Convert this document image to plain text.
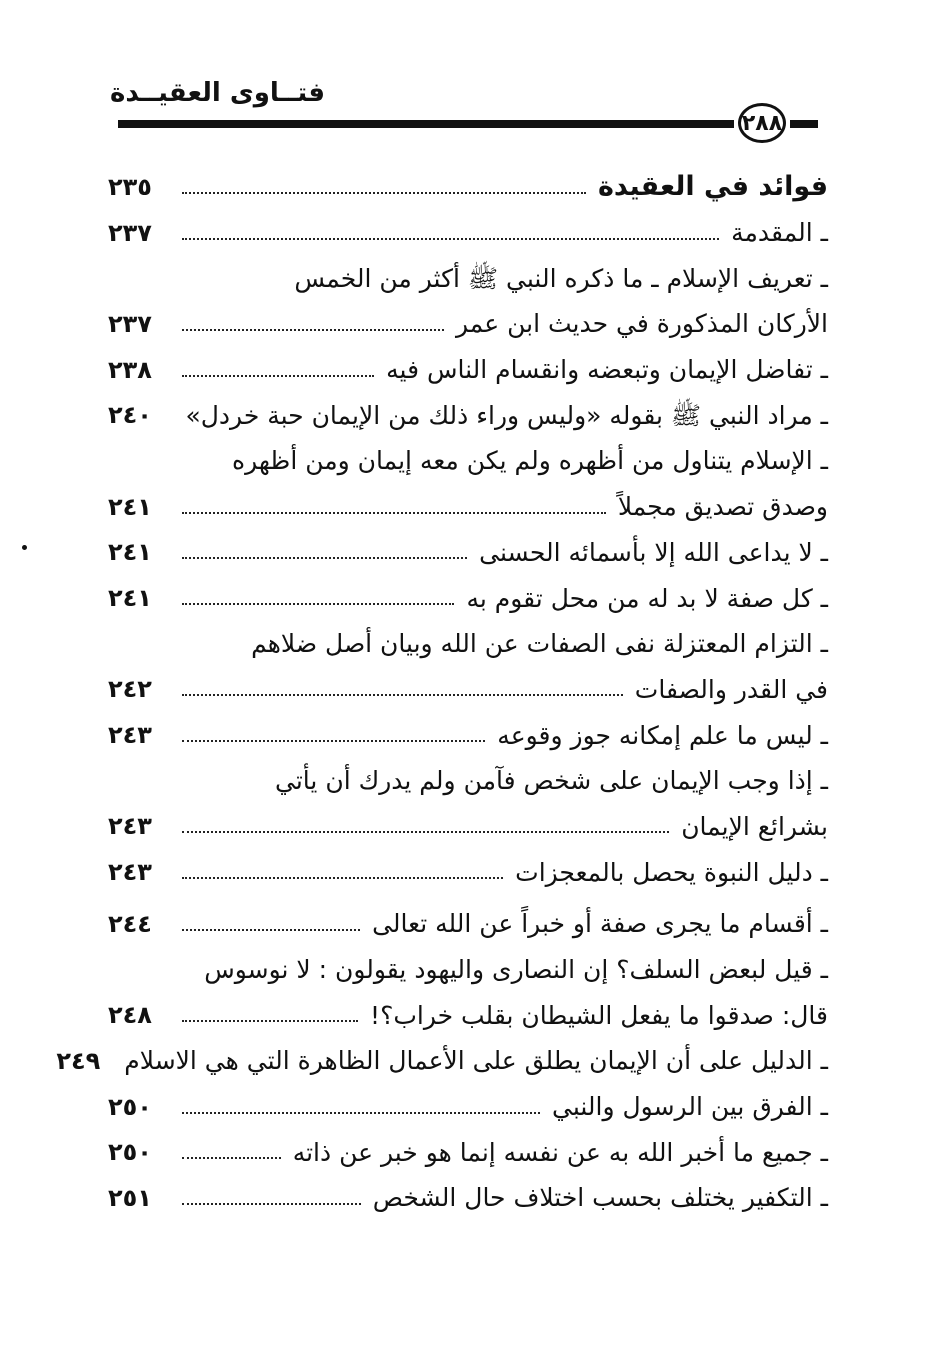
فتــاوى العقيــدة
٢٨٨
فوائد في العقيدة
٢٣٥
ـ المقدمة
٢٣٧
ـ تعريف الإسلام ـ ما ذكره النبي ﷺ أكثر من الخمس
الأركان المذكورة في حديث ابن عمر
٢٣٧
ـ تفاضل الإيمان وتبعضه وانقسام الناس فيه
٢٣٨
ـ مراد النبي ﷺ بقوله «وليس وراء ذلك من الإيمان حبة خردل»
٢٤٠
ـ الإسلام يتناول من أظهره ولم يكن معه إيمان ومن أظهره
وصدق تصديق مجملاً
٢٤١
ـ لا يداعى الله إلا بأسمائه الحسنى
٢٤١
ـ كل صفة لا بد له من محل تقوم به
٢٤١
ـ التزام المعتزلة نفى الصفات عن الله وبيان أصل ضلاهم
في القدر والصفات
٢٤٢
ـ ليس ما علم إمكانه جوز وقوعه
٢٤٣
ـ إذا وجب الإيمان على شخص فآمن ولم يدرك أن يأتي
بشرائع الإيمان
٢٤٣
ـ دليل النبوة يحصل بالمعجزات
٢٤٣
ـ أقسام ما يجرى صفة أو خبراً عن الله تعالى
٢٤٤
ـ قيل لبعض السلف؟ إن النصارى واليهود يقولون : لا نوسوس
قال: صدقوا ما يفعل الشيطان بقلب خراب؟!
٢٤٨
ـ الدليل على أن الإيمان يطلق على الأعمال الظاهرة التي هي الاسلام
٢٤٩
ـ الفرق بين الرسول والنبي
٢٥٠
ـ جميع ما أخبر الله به عن نفسه إنما هو خبر عن ذاته
٢٥٠
ـ التكفير يختلف بحسب اختلاف حال الشخص
٢٥١
